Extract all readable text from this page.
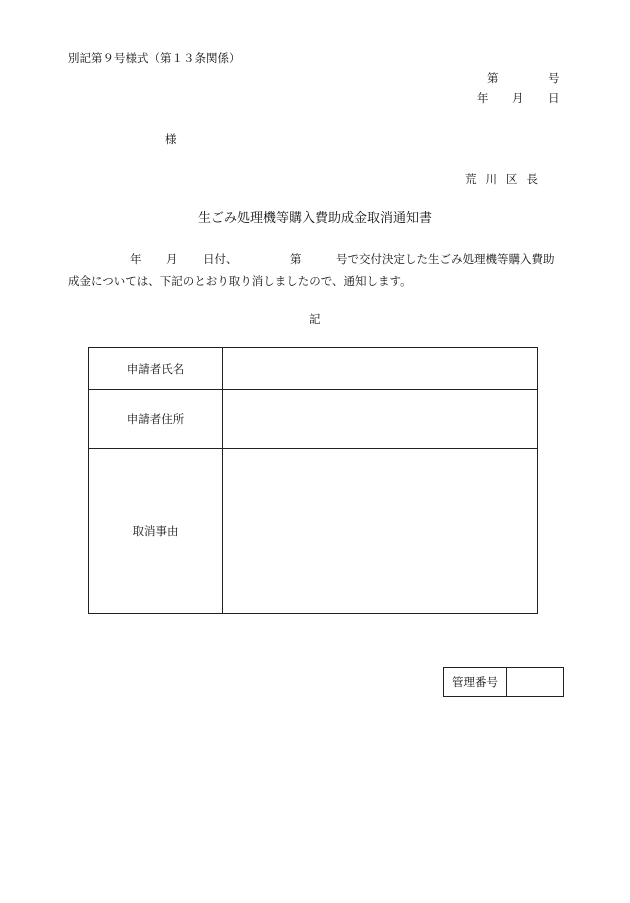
別記第９号様式（第１３条関係）
第	号
年 月 日
様
荒川区長
生ごみ処理機等購入費助成金取消通知書
年 月 日付、	第	号で交付決定した生ごみ処理機等購入費助
成金については、下記のとおり取り消しましたので、通知します。
記
申請者氏名	
申請者住所	
取消事由	
管理番号	
